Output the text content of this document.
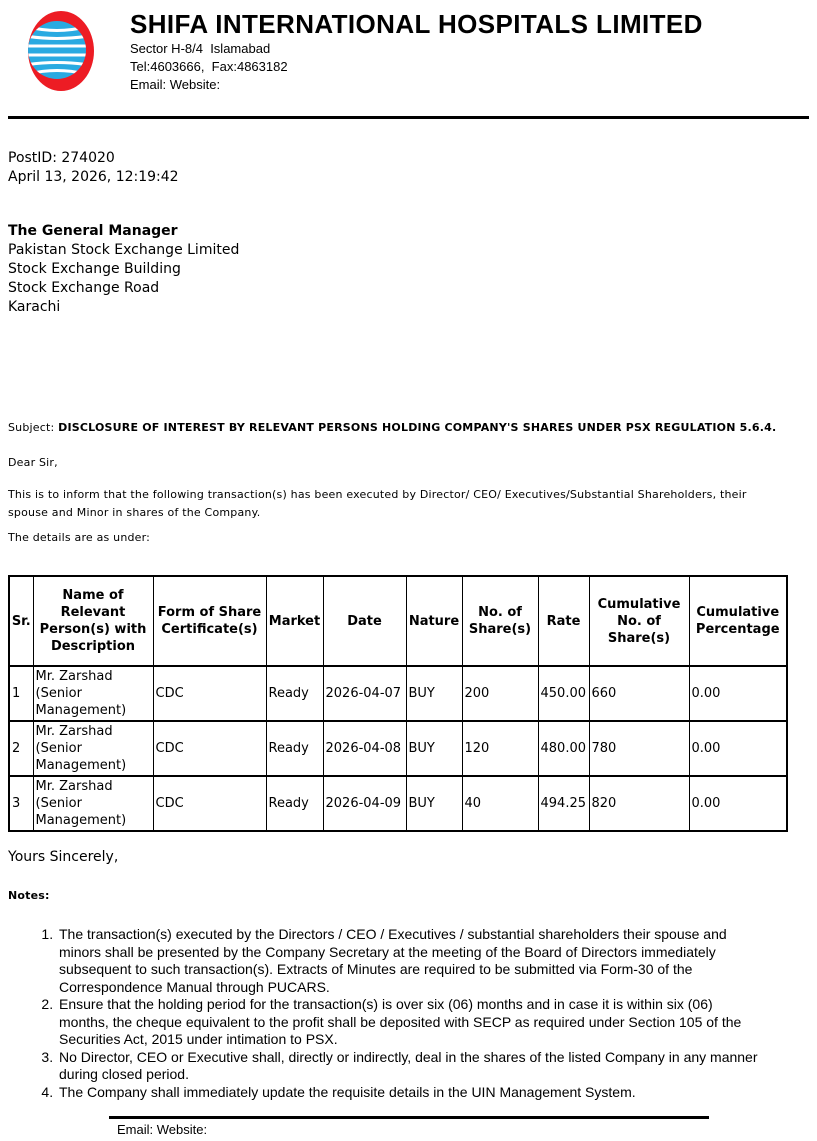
SHIFA INTERNATIONAL HOSPITALS LIMITED
Sector H-8/4  Islamabad
Tel:4603666,  Fax:4863182
Email: Website:
PostID: 274020
April 13, 2026, 12:19:42
The General Manager
Pakistan Stock Exchange Limited
Stock Exchange Building
Stock Exchange Road
Karachi
Subject: DISCLOSURE OF INTEREST BY RELEVANT PERSONS HOLDING COMPANY'S SHARES UNDER PSX REGULATION 5.6.4.
Dear Sir,
This is to inform that the following transaction(s) has been executed by Director/ CEO/ Executives/Substantial Shareholders, their spouse and Minor in shares of the Company.
The details are as under:
Sr.	Name of Relevant Person(s) with Description	Form of Share Certificate(s)	Market	Date	Nature	No. of Share(s)	Rate	Cumulative No. of Share(s)	Cumulative Percentage
1	Mr. Zarshad (Senior Management)	CDC	Ready	2026-04-07	BUY	200	450.00	660	0.00
2	Mr. Zarshad (Senior Management)	CDC	Ready	2026-04-08	BUY	120	480.00	780	0.00
3	Mr. Zarshad (Senior Management)	CDC	Ready	2026-04-09	BUY	40	494.25	820	0.00
Yours Sincerely,
Notes:
1. The transaction(s) executed by the Directors / CEO / Executives / substantial shareholders their spouse and minors shall be presented by the Company Secretary at the meeting of the Board of Directors immediately subsequent to such transaction(s). Extracts of Minutes are required to be submitted via Form-30 of the Correspondence Manual through PUCARS.
2. Ensure that the holding period for the transaction(s) is over six (06) months and in case it is within six (06) months, the cheque equivalent to the profit shall be deposited with SECP as required under Section 105 of the Securities Act, 2015 under intimation to PSX.
3. No Director, CEO or Executive shall, directly or indirectly, deal in the shares of the listed Company in any manner during closed period.
4. The Company shall immediately update the requisite details in the UIN Management System.
Email: Website:
